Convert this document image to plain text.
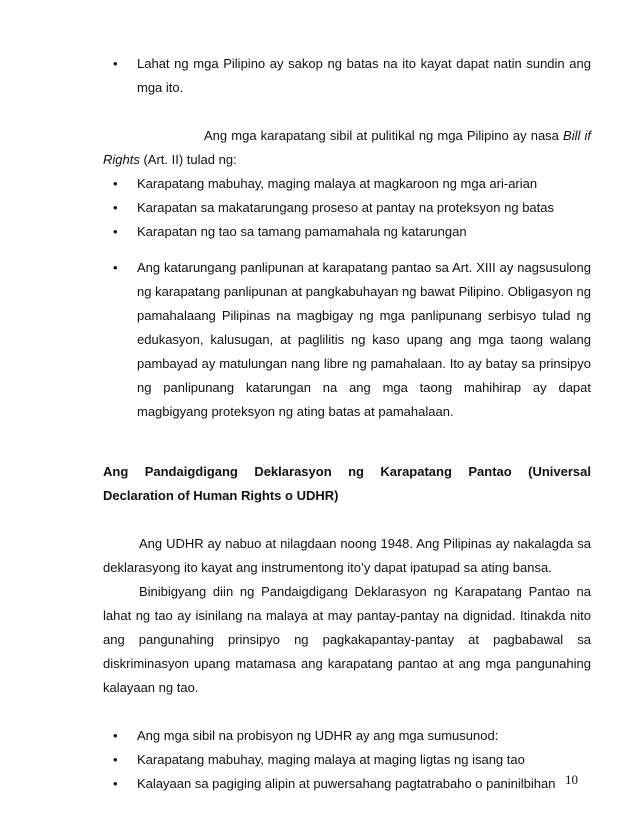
• Lahat ng mga Pilipino ay sakop ng batas na ito kayat dapat natin sundin ang mga ito.

Ang mga karapatang sibil at pulitikal ng mga Pilipino ay nasa Bill if
Rights (Art. II) tulad ng:

• Karapatang mabuhay, maging malaya at magkaroon ng mga ari-arian
• Karapatan sa makatarungang proseso at pantay na proteksyon ng batas
• Karapatan ng tao sa tamang pamamahala ng katarungan
• Ang katarungang panlipunan at karapatang pantao sa Art. XIII ay nagsusulong ng karapatang panlipunan at pangkabuhayan ng bawat Pilipino. Obligasyon ng pamahalaang Pilipinas na magbigay ng mga panlipunang serbisyo tulad ng edukasyon, kalusugan, at paglilitis ng kaso upang ang mga taong walang pambayad ay matulungan nang libre ng pamahalaan. Ito ay batay sa prinsipyo ng panlipunang katarungan na ang mga taong mahihirap ay dapat magbigyang proteksyon ng ating batas at pamahalaan.

Ang Pandaigdigang Deklarasyon ng Karapatang Pantao (Universal
Declaration of Human Rights o UDHR)

Ang UDHR ay nabuo at nilagdaan noong 1948. Ang Pilipinas ay nakalagda sa deklarasyong ito kayat ang instrumentong ito’y dapat ipatupad sa ating bansa.

Binibigyang diin ng Pandaigdigang Deklarasyon ng Karapatang Pantao na lahat ng tao ay isinilang na malaya at may pantay-pantay na dignidad. Itinakda nito ang pangunahing prinsipyo ng pagkakapantay-pantay at pagbabawal sa diskriminasyon upang matamasa ang karapatang pantao at ang mga pangunahing kalayaan ng tao.

• Ang mga sibil na probisyon ng UDHR ay ang mga sumusunod:
• Karapatang mabuhay, maging malaya at maging ligtas ng isang tao
• Kalayaan sa pagiging alipin at puwersahang pagtatrabaho o paninilbihan 10
